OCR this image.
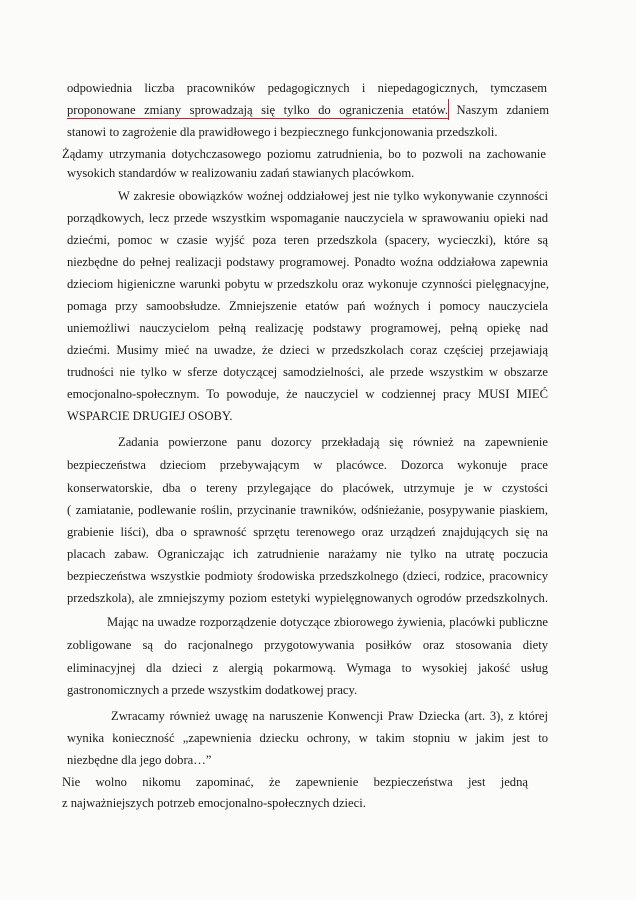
odpowiednia liczba pracowników pedagogicznych i niepedagogicznych, tymczasem
proponowane zmiany sprowadzają się tylko do ograniczenia etatów. Naszym zdaniem
stanowi to zagrożenie dla prawidłowego i bezpiecznego funkcjonowania przedszkoli.
Żądamy utrzymania dotychczasowego poziomu zatrudnienia, bo to pozwoli na zachowanie
wysokich standardów w realizowaniu zadań stawianych placówkom.
W zakresie obowiązków woźnej oddziałowej jest nie tylko wykonywanie czynności
porządkowych, lecz przede wszystkim wspomaganie nauczyciela w sprawowaniu opieki nad
dziećmi, pomoc w czasie wyjść poza teren przedszkola (spacery, wycieczki), które są
niezbędne do pełnej realizacji podstawy programowej. Ponadto woźna oddziałowa zapewnia
dzieciom higieniczne warunki pobytu w przedszkolu oraz wykonuje czynności pielęgnacyjne,
pomaga przy samoobsłudze. Zmniejszenie etatów pań woźnych i pomocy nauczyciela
uniemożliwi nauczycielom pełną realizację podstawy programowej, pełną opiekę nad
dziećmi. Musimy mieć na uwadze, że dzieci w przedszkolach coraz częściej przejawiają
trudności nie tylko w sferze dotyczącej samodzielności, ale przede wszystkim w obszarze
emocjonalno-społecznym. To powoduje, że nauczyciel w codziennej pracy MUSI MIEĆ
WSPARCIE DRUGIEJ OSOBY.
Zadania powierzone panu dozorcy przekładają się również na zapewnienie
bezpieczeństwa dzieciom przebywającym w placówce. Dozorca wykonuje prace
konserwatorskie, dba o tereny przylegające do placówek, utrzymuje je w czystości
( zamiatanie, podlewanie roślin, przycinanie trawników, odśnieżanie, posypywanie piaskiem,
grabienie liści), dba o sprawność sprzętu terenowego oraz urządzeń znajdujących się na
placach zabaw. Ograniczając ich zatrudnienie narażamy nie tylko na utratę poczucia
bezpieczeństwa wszystkie podmioty środowiska przedszkolnego (dzieci, rodzice, pracownicy
przedszkola), ale zmniejszymy poziom estetyki wypielęgnowanych ogrodów przedszkolnych.
Mając na uwadze rozporządzenie dotyczące zbiorowego żywienia, placówki publiczne
zobligowane są do racjonalnego przygotowywania posiłków oraz stosowania diety
eliminacyjnej dla dzieci z alergią pokarmową. Wymaga to wysokiej jakość usług
gastronomicznych a przede wszystkim dodatkowej pracy.
Zwracamy również uwagę na naruszenie Konwencji Praw Dziecka (art. 3), z której
wynika konieczność „zapewnienia dziecku ochrony, w takim stopniu w jakim jest to
niezbędne dla jego dobra…”
Nie wolno nikomu zapominać, że zapewnienie bezpieczeństwa jest jedną
z najważniejszych potrzeb emocjonalno-społecznych dzieci.
